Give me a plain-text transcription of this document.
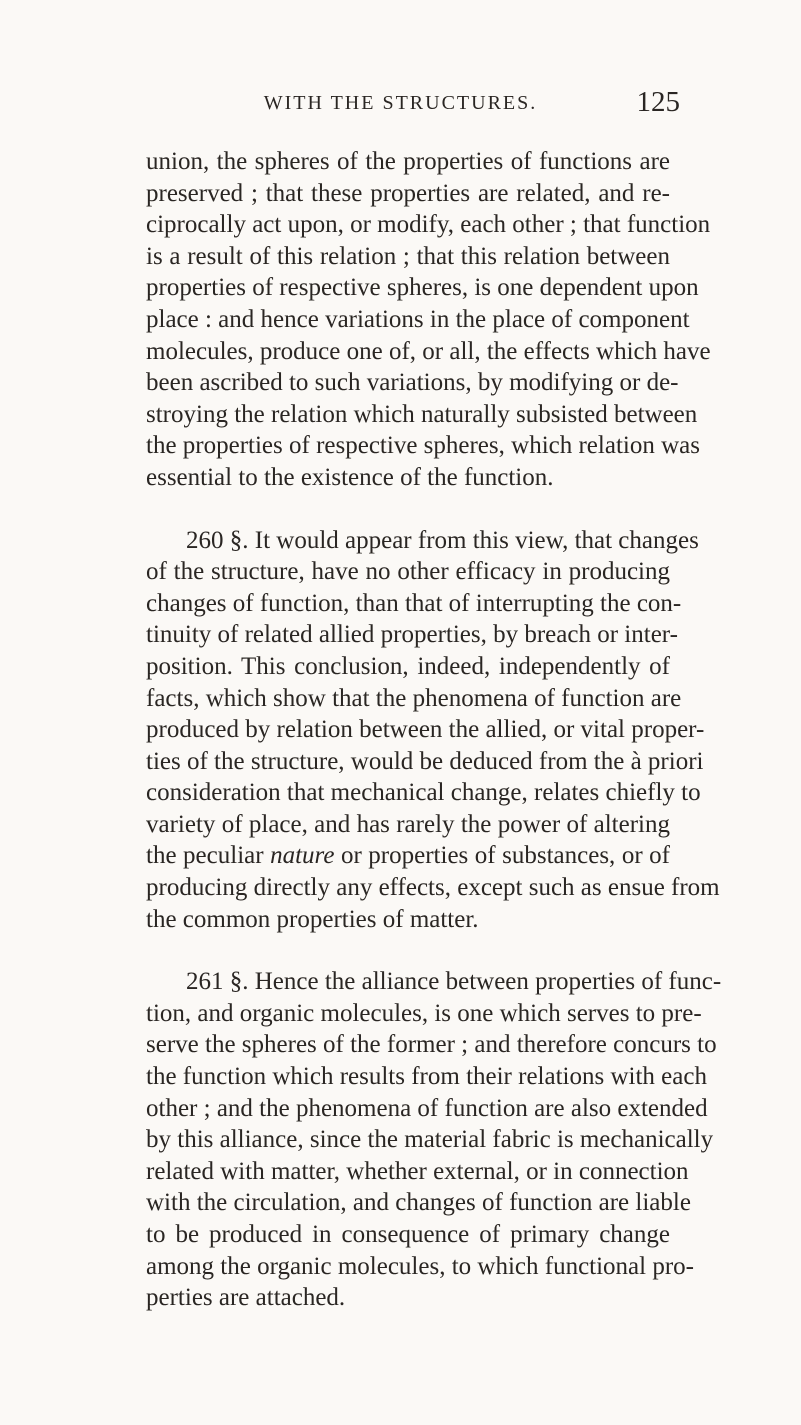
WITH THE STRUCTURES.	125
union, the spheres of the properties of functions are
preserved ; that these properties are related, and re-
ciprocally act upon, or modify, each other ; that function
is a result of this relation ; that this relation between
properties of respective spheres, is one dependent upon
place : and hence variations in the place of component
molecules, produce one of, or all, the effects which have
been ascribed to such variations, by modifying or de-
stroying the relation which naturally subsisted between
the properties of respective spheres, which relation was
essential to the existence of the function.
260 §. It would appear from this view, that changes
of the structure, have no other efficacy in producing
changes of function, than that of interrupting the con-
tinuity of related allied properties, by breach or inter-
position. This conclusion, indeed, independently of
facts, which show that the phenomena of function are
produced by relation between the allied, or vital proper-
ties of the structure, would be deduced from the à priori
consideration that mechanical change, relates chiefly to
variety of place, and has rarely the power of altering
the peculiar nature or properties of substances, or of
producing directly any effects, except such as ensue from
the common properties of matter.
261 §. Hence the alliance between properties of func-
tion, and organic molecules, is one which serves to pre-
serve the spheres of the former ; and therefore concurs to
the function which results from their relations with each
other ; and the phenomena of function are also extended
by this alliance, since the material fabric is mechanically
related with matter, whether external, or in connection
with the circulation, and changes of function are liable
to be produced in consequence of primary change
among the organic molecules, to which functional pro-
perties are attached.
